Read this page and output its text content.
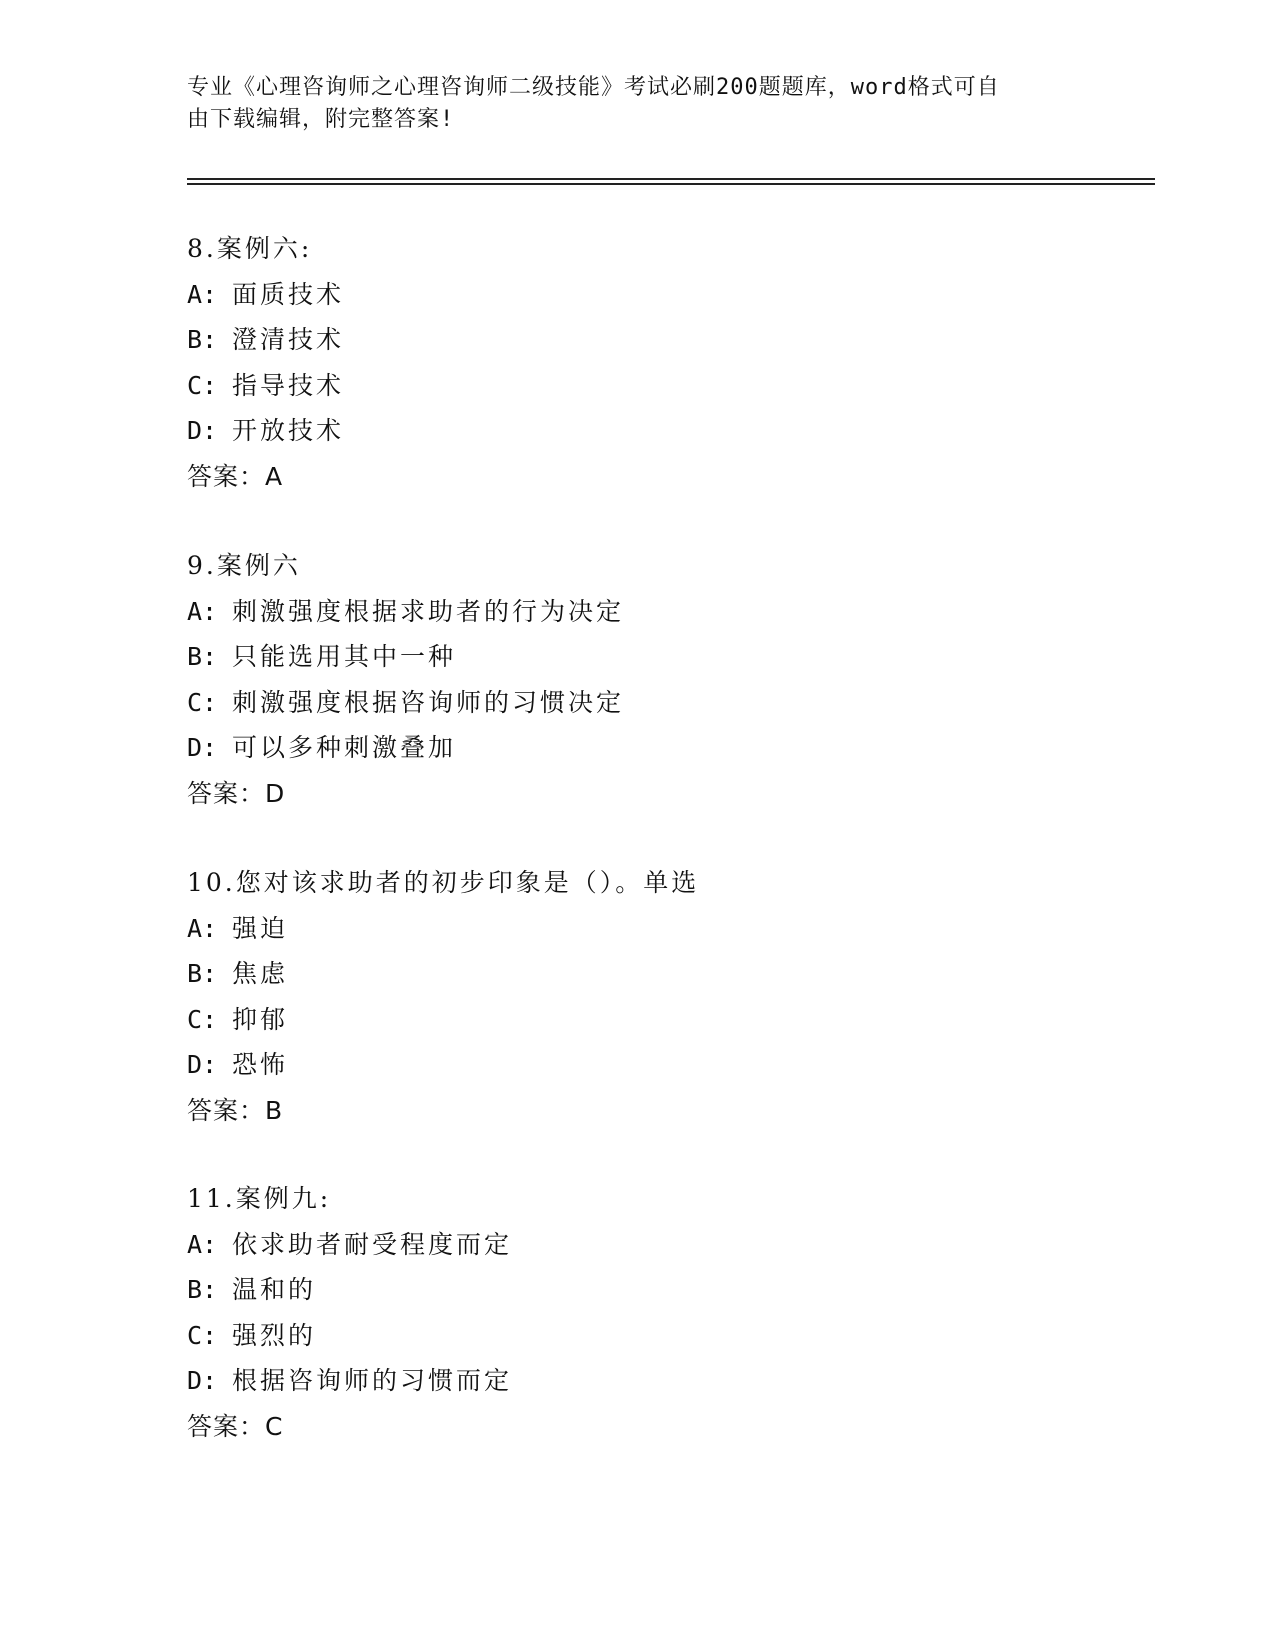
专业《心理咨询师之心理咨询师二级技能》考试必刷200题题库，word格式可自
由下载编辑，附完整答案!
8.案例六:
A: 面质技术
B: 澄清技术
C: 指导技术
D: 开放技术
答案：A
9.案例六
A: 刺激强度根据求助者的行为决定
B: 只能选用其中一种
C: 刺激强度根据咨询师的习惯决定
D: 可以多种刺激叠加
答案：D
10.您对该求助者的初步印象是（）。单选
A: 强迫
B: 焦虑
C: 抑郁
D: 恐怖
答案：B
11.案例九:
A: 依求助者耐受程度而定
B: 温和的
C: 强烈的
D: 根据咨询师的习惯而定
答案：C
